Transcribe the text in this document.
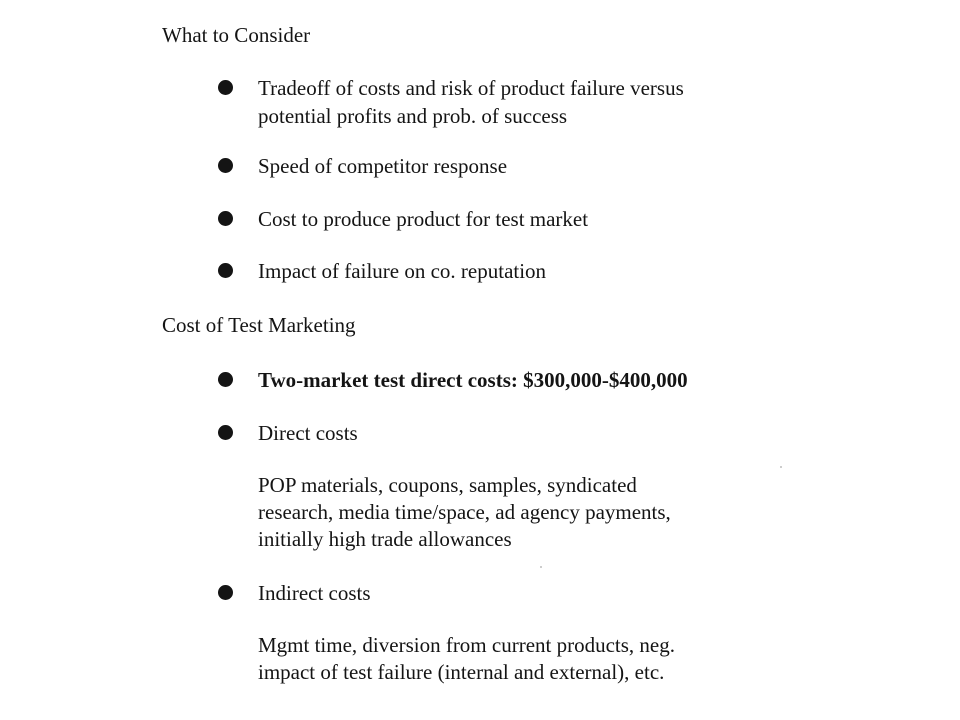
What to Consider
Tradeoff of costs and risk of product failure versus
potential profits and prob. of success
Speed of competitor response
Cost to produce product for test market
Impact of failure on co. reputation
Cost of Test Marketing
Two-market test direct costs: $300,000-$400,000
Direct costs
POP materials, coupons, samples, syndicated
research, media time/space, ad agency payments,
initially high trade allowances
Indirect costs
Mgmt time, diversion from current products, neg.
impact of test failure (internal and external), etc.
